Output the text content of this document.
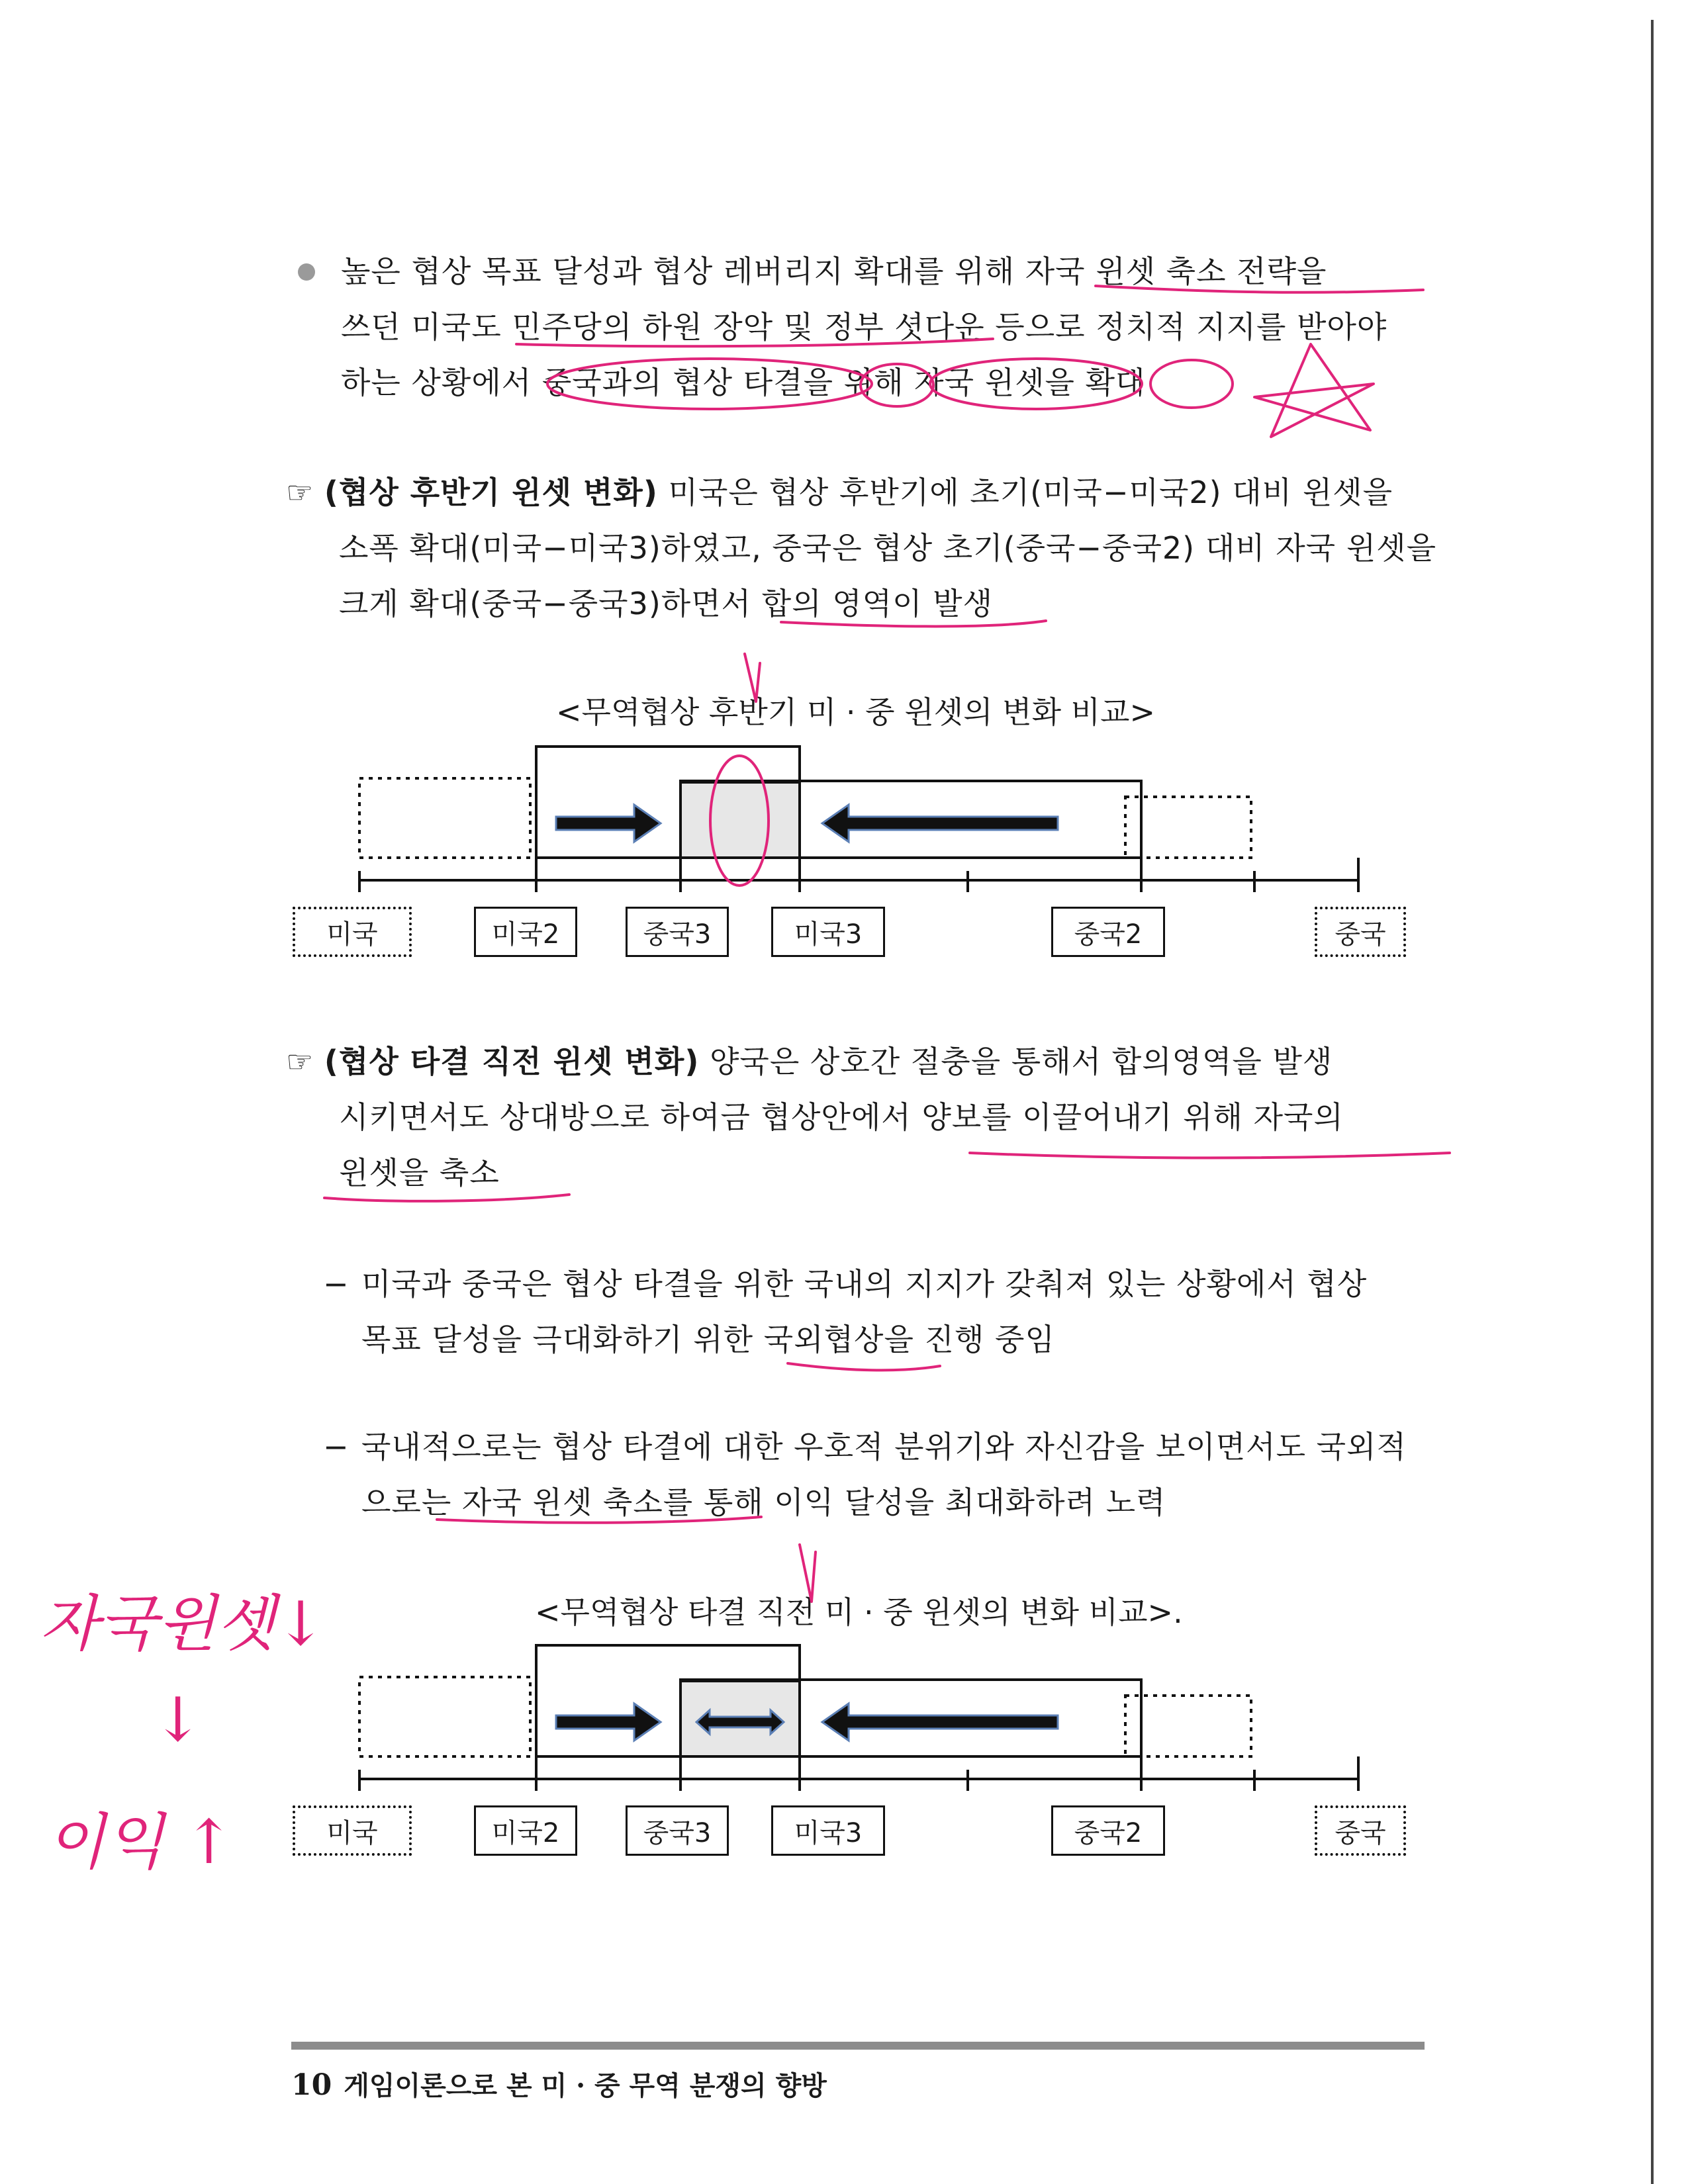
높은 협상 목표 달성과 협상 레버리지 확대를 위해 자국 윈셋 축소 전략을
쓰던 미국도 민주당의 하원 장악 및 정부 셧다운 등으로 정치적 지지를 받아야
하는 상황에서 중국과의 협상 타결을 위해 자국 윈셋을 확대
☞ (협상 후반기 윈셋 변화) 미국은 협상 후반기에 초기(미국−미국2) 대비 윈셋을
소폭 확대(미국−미국3)하였고, 중국은 협상 초기(중국−중국2) 대비 자국 윈셋을
크게 확대(중국−중국3)하면서 합의 영역이 발생
<무역협상 후반기 미 · 중 윈셋의 변화 비교>
미국	미국2	중국3	미국3	중국2	중국
☞ (협상 타결 직전 윈셋 변화) 양국은 상호간 절충을 통해서 합의영역을 발생
시키면서도 상대방으로 하여금 협상안에서 양보를 이끌어내기 위해 자국의
윈셋을 축소
− 미국과 중국은 협상 타결을 위한 국내의 지지가 갖춰져 있는 상황에서 협상
목표 달성을 극대화하기 위한 국외협상을 진행 중임
− 국내적으로는 협상 타결에 대한 우호적 분위기와 자신감을 보이면서도 국외적
으로는 자국 윈셋 축소를 통해 이익 달성을 최대화하려 노력
<무역협상 타결 직전 미 · 중 윈셋의 변화 비교>.
미국	미국2	중국3	미국3	중국2	중국
자국윈셋↓
↓
이익 ↑
10 게임이론으로 본 미 · 중 무역 분쟁의 향방
